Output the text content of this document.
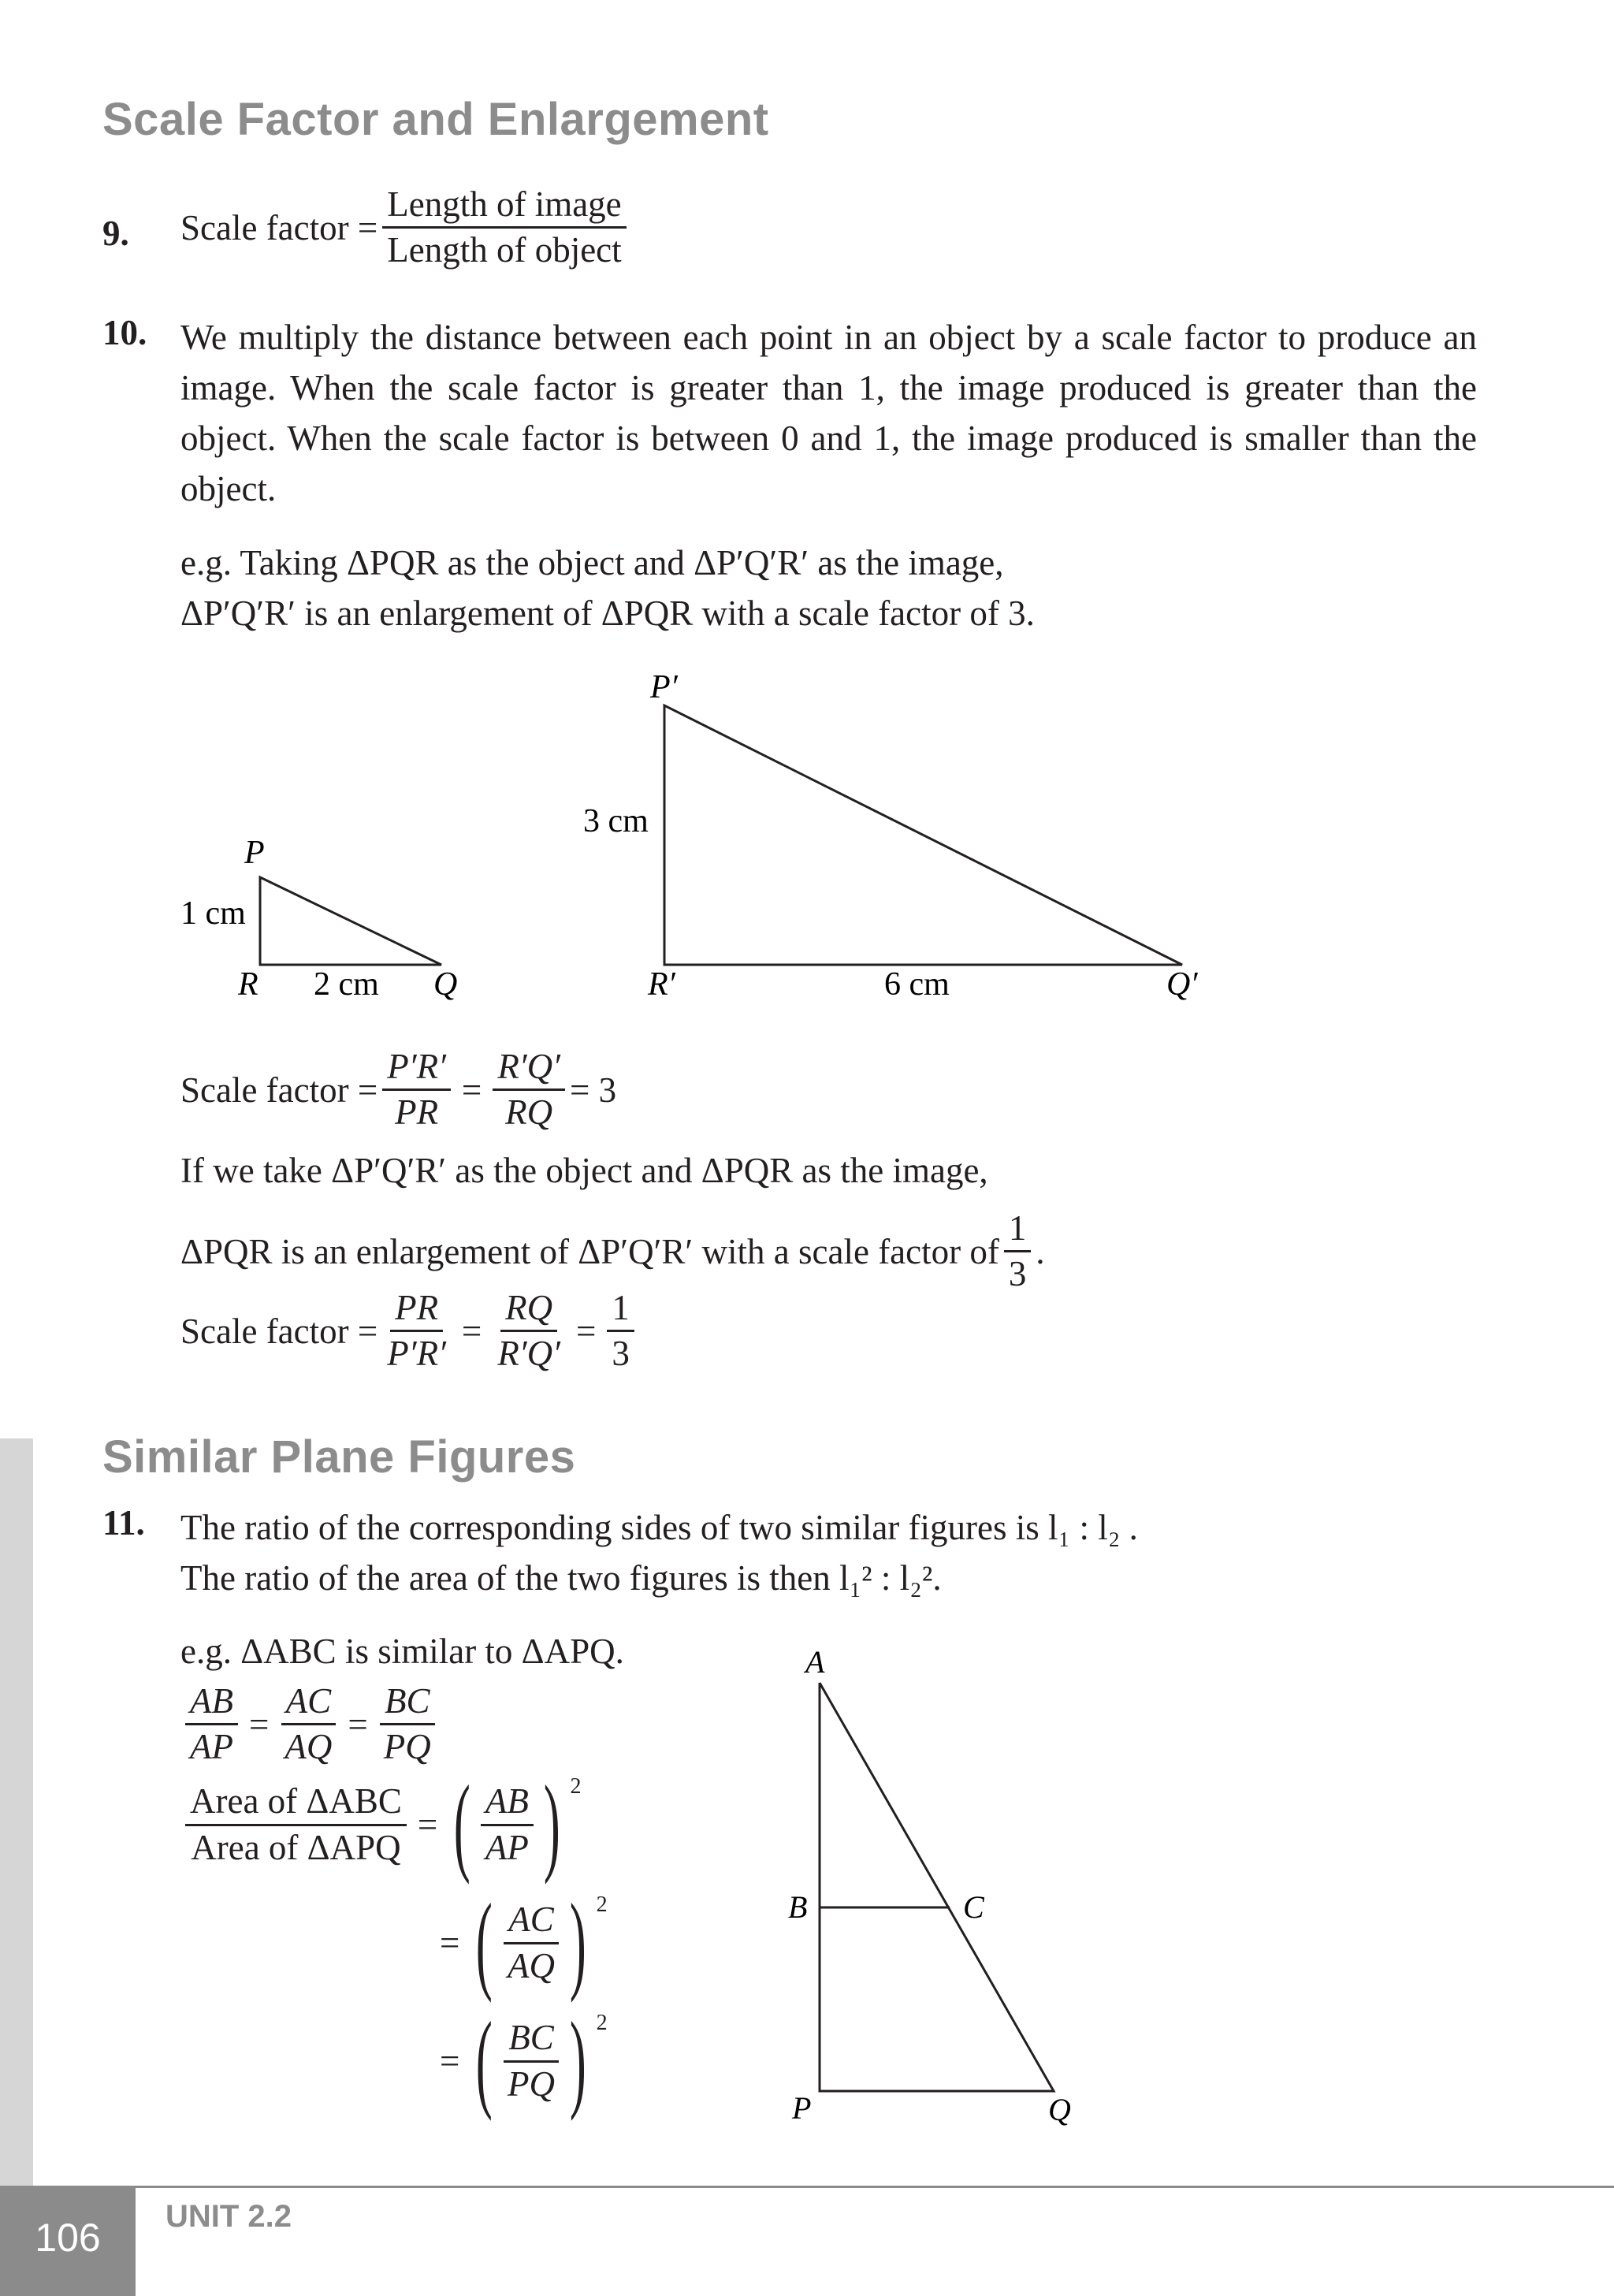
Scale Factor and Enlargement
9. Scale factor = $\frac{\text{Length of image}}{\text{Length of object}}$
10. We multiply the distance between each point in an object by a scale factor to produce an image. When the scale factor is greater than 1, the image produced is greater than the object. When the scale factor is between 0 and 1, the image produced is smaller than the object.
e.g. Taking ΔPQR as the object and ΔP′Q′R′ as the image,
ΔP′Q′R′ is an enlargement of ΔPQR with a scale factor of 3.
P
R	Q
1 cm
2 cm
P′
R′	Q′
3 cm
6 cm
A
B	C
P	Q
Scale factor = $\frac{P'R'}{PR} = \frac{R'Q'}{RQ} = 3$
If we take ΔP′Q′R′ as the object and ΔPQR as the image,
ΔPQR is an enlargement of ΔP′Q′R′ with a scale factor of $\frac{1}{3}$ .
Scale factor = $\frac{PR}{P'R'} = \frac{RQ}{R'Q'} = \frac{1}{3}$
Similar Plane Figures
11. The ratio of the corresponding sides of two similar figures is l₁ : l₂ .
The ratio of the area of the two figures is then l₁² : l₂².
e.g. ΔABC is similar to ΔAPQ.
$\frac{AB}{AP} = \frac{AC}{AQ} = \frac{BC}{PQ}$
$\frac{\text{Area of ΔABC}}{\text{Area of ΔAPQ}}$ = ( $\frac{AB}{AP}$ ) $^2$
= ( $\frac{AC}{AQ}$ ) $^2$
= ( $\frac{BC}{PQ}$ ) $^2$
106 UNIT 2.2
